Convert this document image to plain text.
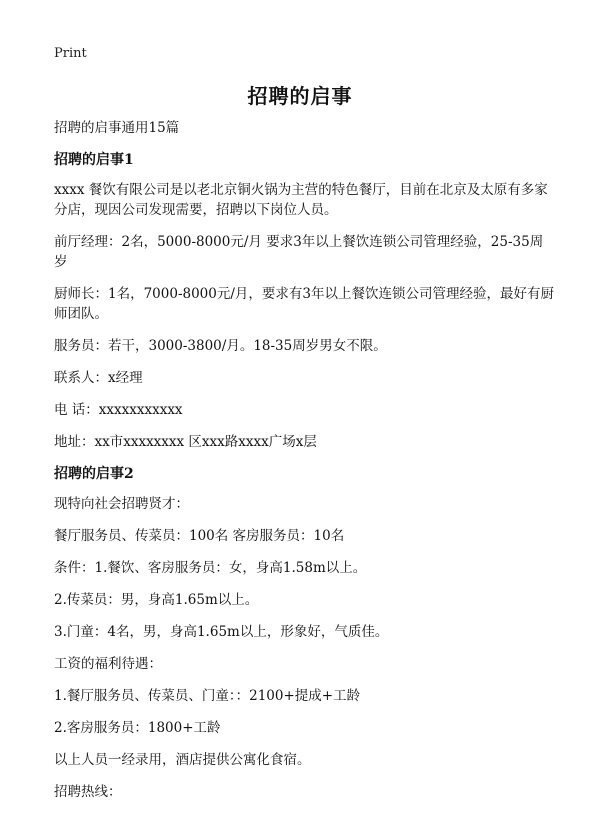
Print
招聘的启事

招聘的启事通用15篇

招聘的启事1

xxxx 餐饮有限公司是以老北京铜火锅为主营的特色餐厅，目前在北京及太原有多家分店，现因公司发现需要，招聘以下岗位人员。

前厅经理：2名，5000-8000元/月 要求3年以上餐饮连锁公司管理经验，25-35周岁

厨师长：1名，7000-8000元/月，要求有3年以上餐饮连锁公司管理经验，最好有厨师团队。

服务员：若干，3000-3800/月。18-35周岁男女不限。

联系人：x经理

电 话：xxxxxxxxxxx

地址：xx市xxxxxxxx 区xxx路xxxx广场x层

招聘的启事2

现特向社会招聘贤才：

餐厅服务员、传菜员：100名 客房服务员：10名

条件：1.餐饮、客房服务员：女，身高1.58m以上。

2.传菜员：男，身高1.65m以上。

3.门童：4名，男，身高1.65m以上，形象好，气质佳。

工资的福利待遇：

1.餐厅服务员、传菜员、门童：：2100+提成+工龄

2.客房服务员：1800+工龄

以上人员一经录用，酒店提供公寓化食宿。

招聘热线：
